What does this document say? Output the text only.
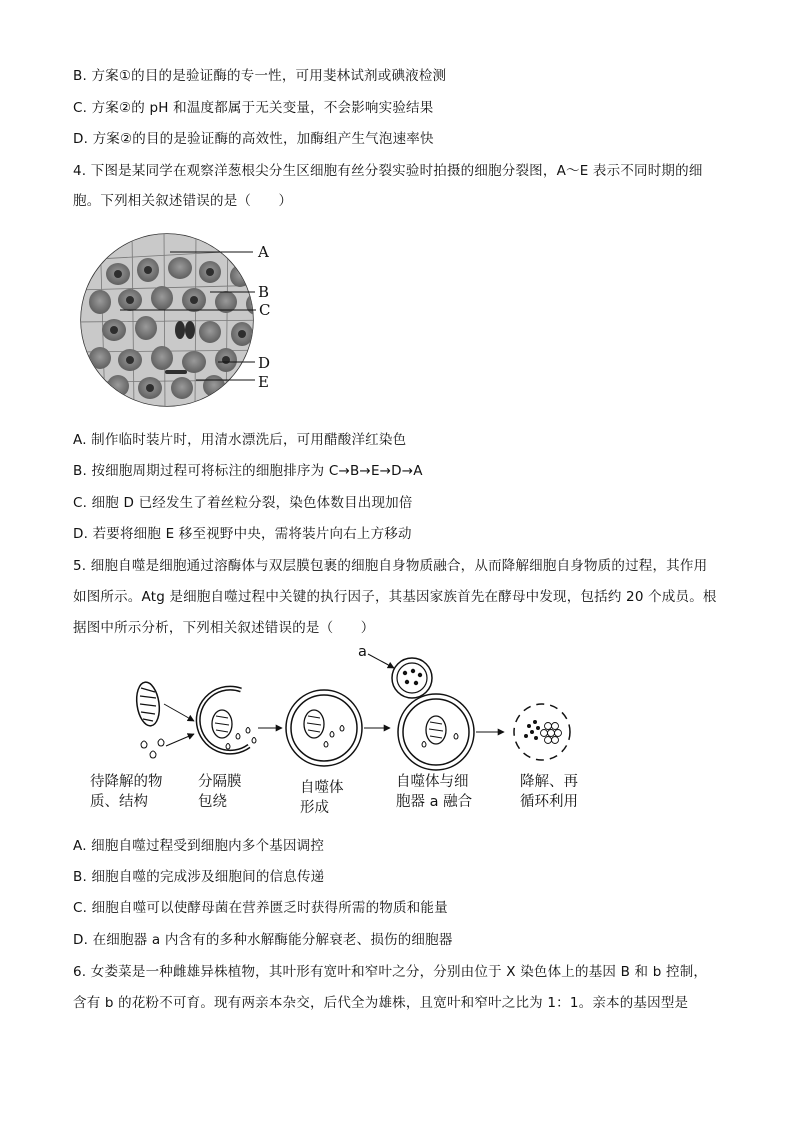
B. 方案①的目的是验证酶的专一性，可用斐林试剂或碘液检测
C. 方案②的 pH 和温度都属于无关变量，不会影响实验结果
D. 方案②的目的是验证酶的高效性，加酶组产生气泡速率快
4. 下图是某同学在观察洋葱根尖分生区细胞有丝分裂实验时拍摄的细胞分裂图，A～E 表示不同时期的细
胞。下列相关叙述错误的是（　　）
A
B
C
D
E
A. 制作临时装片时，用清水漂洗后，可用醋酸洋红染色
B. 按细胞周期过程可将标注的细胞排序为 C→B→E→D→A
C. 细胞 D 已经发生了着丝粒分裂，染色体数目出现加倍
D. 若要将细胞 E 移至视野中央，需将装片向右上方移动
5. 细胞自噬是细胞通过溶酶体与双层膜包裹的细胞自身物质融合，从而降解细胞自身物质的过程，其作用
如图所示。Atg 是细胞自噬过程中关键的执行因子，其基因家族首先在酵母中发现，包括约 20 个成员。根
据图中所示分析，下列相关叙述错误的是（　　）
a
待降解的物
质、结构
分隔膜
包绕
自噬体
形成
自噬体与细
胞器 a 融合
降解、再
循环利用
A. 细胞自噬过程受到细胞内多个基因调控
B. 细胞自噬的完成涉及细胞间的信息传递
C. 细胞自噬可以使酵母菌在营养匮乏时获得所需的物质和能量
D. 在细胞器 a 内含有的多种水解酶能分解衰老、损伤的细胞器
6. 女娄菜是一种雌雄异株植物，其叶形有宽叶和窄叶之分，分别由位于 X 染色体上的基因 B 和 b 控制，
含有 b 的花粉不可育。现有两亲本杂交，后代全为雄株，且宽叶和窄叶之比为 1：1。亲本的基因型是
